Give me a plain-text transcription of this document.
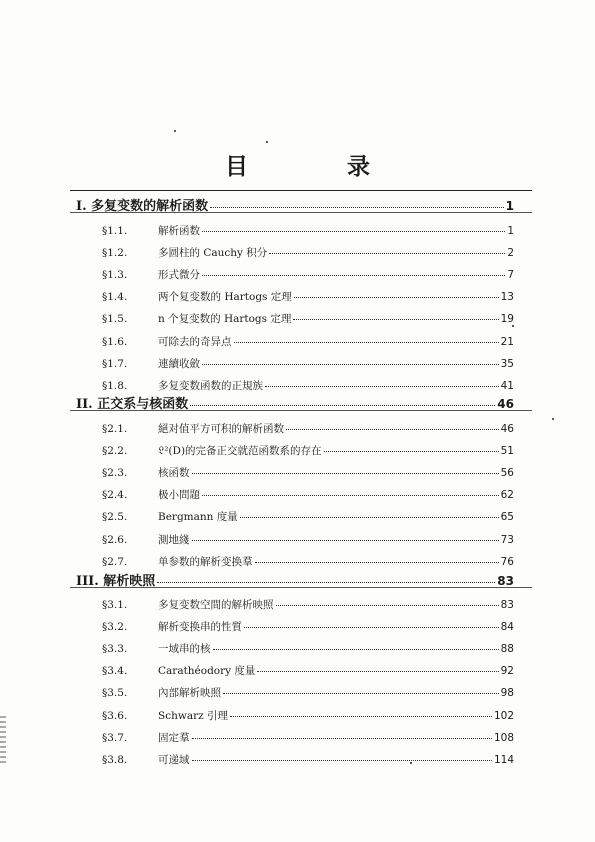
目　录
I. 多复变数的解析函数	1
§1.1.	解析函数	1
§1.2.	多圆柱的 Cauchy 积分	2
§1.3.	形式微分	7
§1.4.	两个复变数的 Hartogs 定理	13
§1.5.	n 个复变数的 Hartogs 定理	19
§1.6.	可除去的奇异点	21
§1.7.	連續收斂	35
§1.8.	多复变数函数的正規族	41
II. 正交系与核函数	46
§2.1.	絕对值平方可积的解析函数	46
§2.2.	𝔏²(D)的完备正交就范函数系的存在	51
§2.3.	核函数	56
§2.4.	极小問題	62
§2.5.	Bergmann 度量	65
§2.6.	測地綫	73
§2.7.	单参数的解析变换羣	76
III. 解析映照	83
§3.1.	多复变数空間的解析映照	83
§3.2.	解析变换串的性質	84
§3.3.	一域串的核	88
§3.4.	Carathéodory 度量	92
§3.5.	內部解析映照	98
§3.6.	Schwarz 引理	102
§3.7.	固定羣	108
§3.8.	可递域	114
